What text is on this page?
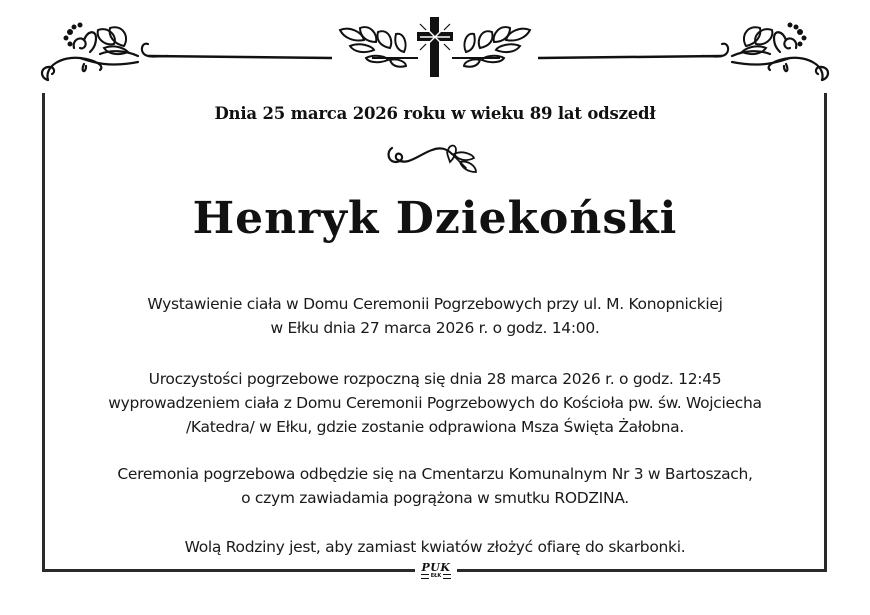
Dnia 25 marca 2026 roku w wieku 89 lat odszedł
Henryk Dziekoński
Wystawienie ciała w Domu Ceremonii Pogrzebowych przy ul. M. Konopnickiej
w Ełku dnia 27 marca 2026 r. o godz. 14:00.
Uroczystości pogrzebowe rozpoczną się dnia 28 marca 2026 r. o godz. 12:45
wyprowadzeniem ciała z Domu Ceremonii Pogrzebowych do Kościoła pw. św. Wojciecha
/Katedra/ w Ełku, gdzie zostanie odprawiona Msza Święta Żałobna.
Ceremonia pogrzebowa odbędzie się na Cmentarzu Komunalnym Nr 3 w Bartoszach,
o czym zawiadamia pogrążona w smutku RODZINA.
Wolą Rodziny jest, aby zamiast kwiatów złożyć ofiarę do skarbonki.
PUK
EŁK
